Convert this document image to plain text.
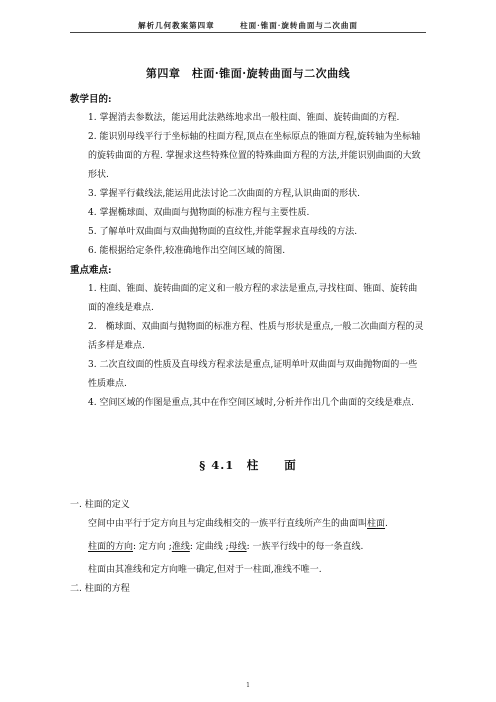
解析几何教案第四章　　　柱面·锥面·旋转曲面与二次曲面
第四章　柱面·锥面·旋转曲面与二次曲线

教学目的:

1. 掌握消去参数法，能运用此法熟练地求出一般柱面、锥面、旋转曲面的方程.

2. 能识别母线平行于坐标轴的柱面方程,顶点在坐标原点的锥面方程,旋转轴为坐标轴的旋转曲面的方程. 掌握求这些特殊位置的特殊曲面方程的方法,并能识别曲面的大致形状.

3. 掌握平行截线法,能运用此法讨论二次曲面的方程,认识曲面的形状.

4. 掌握椭球面、双曲面与抛物面的标准方程与主要性质.

5. 了解单叶双曲面与双曲抛物面的直纹性,并能掌握求直母线的方法.

6. 能根据给定条件,较准确地作出空间区域的简图.

重点难点:

1. 柱面、锥面、旋转曲面的定义和一般方程的求法是重点,寻找柱面、锥面、旋转曲面的准线是难点.

2.　椭球面、双曲面与抛物面的标准方程、性质与形状是重点,一般二次曲面方程的灵活多样是难点.

3. 二次直纹面的性质及直母线方程求法是重点,证明单叶双曲面与双曲抛物面的一些性质难点.

4. 空间区域的作图是重点,其中在作空间区域时,分析并作出几个曲面的交线是难点.

§ 4.1　柱　　面

一. 柱面的定义

空间中由平行于定方向且与定曲线相交的一族平行直线所产生的曲面叫柱面.

柱面的方向: 定方向 ;准线: 定曲线 ;母线: 一族平行线中的每一条直线.

柱面由其准线和定方向唯一确定,但对于一柱面,准线不唯一.

二. 柱面的方程

1
